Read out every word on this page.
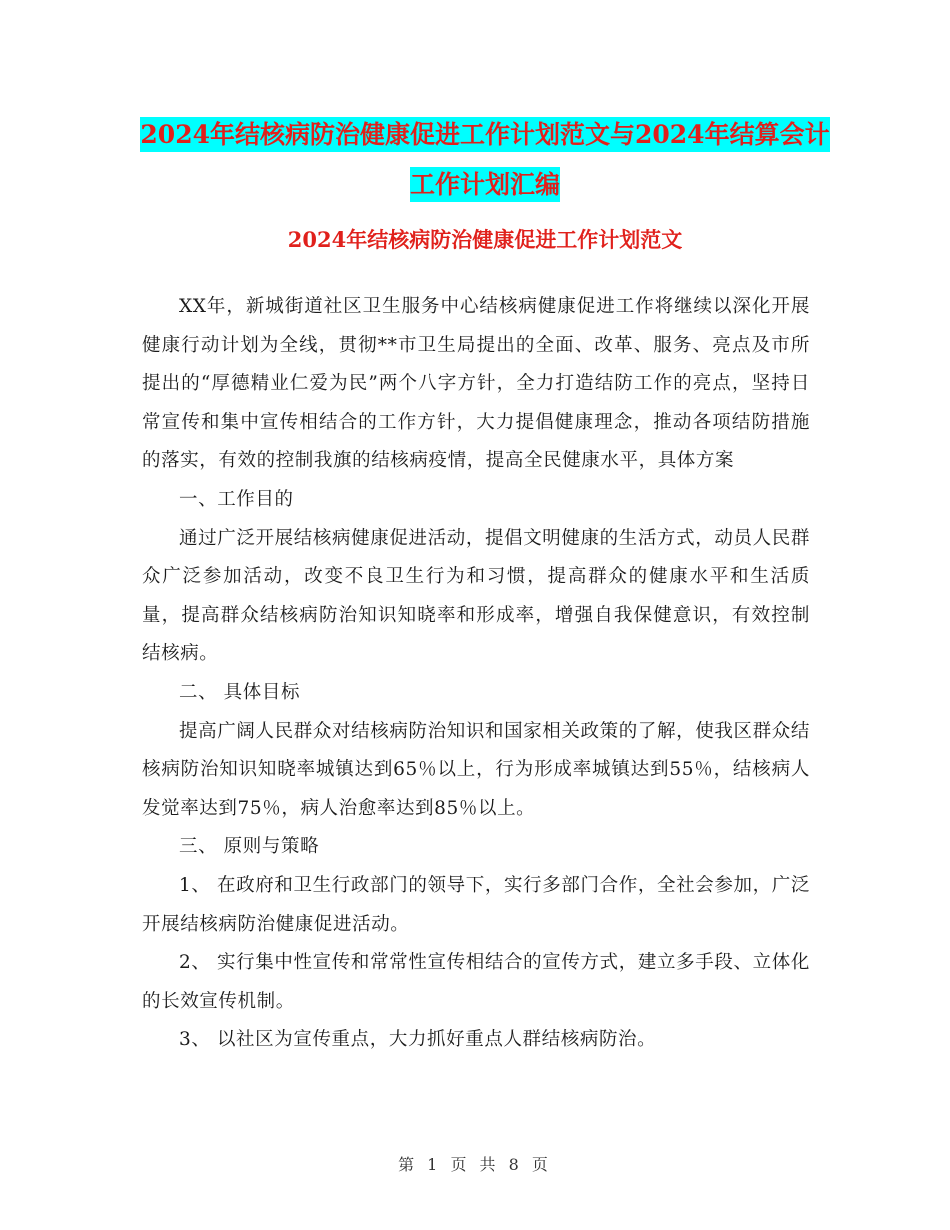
2024年结核病防治健康促进工作计划范文与2024年结算会计工作计划汇编
2024年结核病防治健康促进工作计划范文

XX年，新城街道社区卫生服务中心结核病健康促进工作将继续以深化开展健康行动计划为全线，贯彻**市卫生局提出的全面、改革、服务、亮点及市所提出的“厚德精业仁爱为民”两个八字方针，全力打造结防工作的亮点，坚持日常宣传和集中宣传相结合的工作方针，大力提倡健康理念，推动各项结防措施的落实，有效的控制我旗的结核病疫情，提高全民健康水平，具体方案

一、工作目的

通过广泛开展结核病健康促进活动，提倡文明健康的生活方式，动员人民群众广泛参加活动，改变不良卫生行为和习惯，提高群众的健康水平和生活质量，提高群众结核病防治知识知晓率和形成率，增强自我保健意识，有效控制结核病。

二、 具体目标

提高广阔人民群众对结核病防治知识和国家相关政策的了解，使我区群众结核病防治知识知晓率城镇达到65％以上，行为形成率城镇达到55％，结核病人发觉率达到75％，病人治愈率达到85％以上。

三、 原则与策略

1、 在政府和卫生行政部门的领导下，实行多部门合作，全社会参加，广泛开展结核病防治健康促进活动。

2、 实行集中性宣传和常常性宣传相结合的宣传方式，建立多手段、立体化的长效宣传机制。

3、 以社区为宣传重点，大力抓好重点人群结核病防治。

第 1 页 共 8 页
